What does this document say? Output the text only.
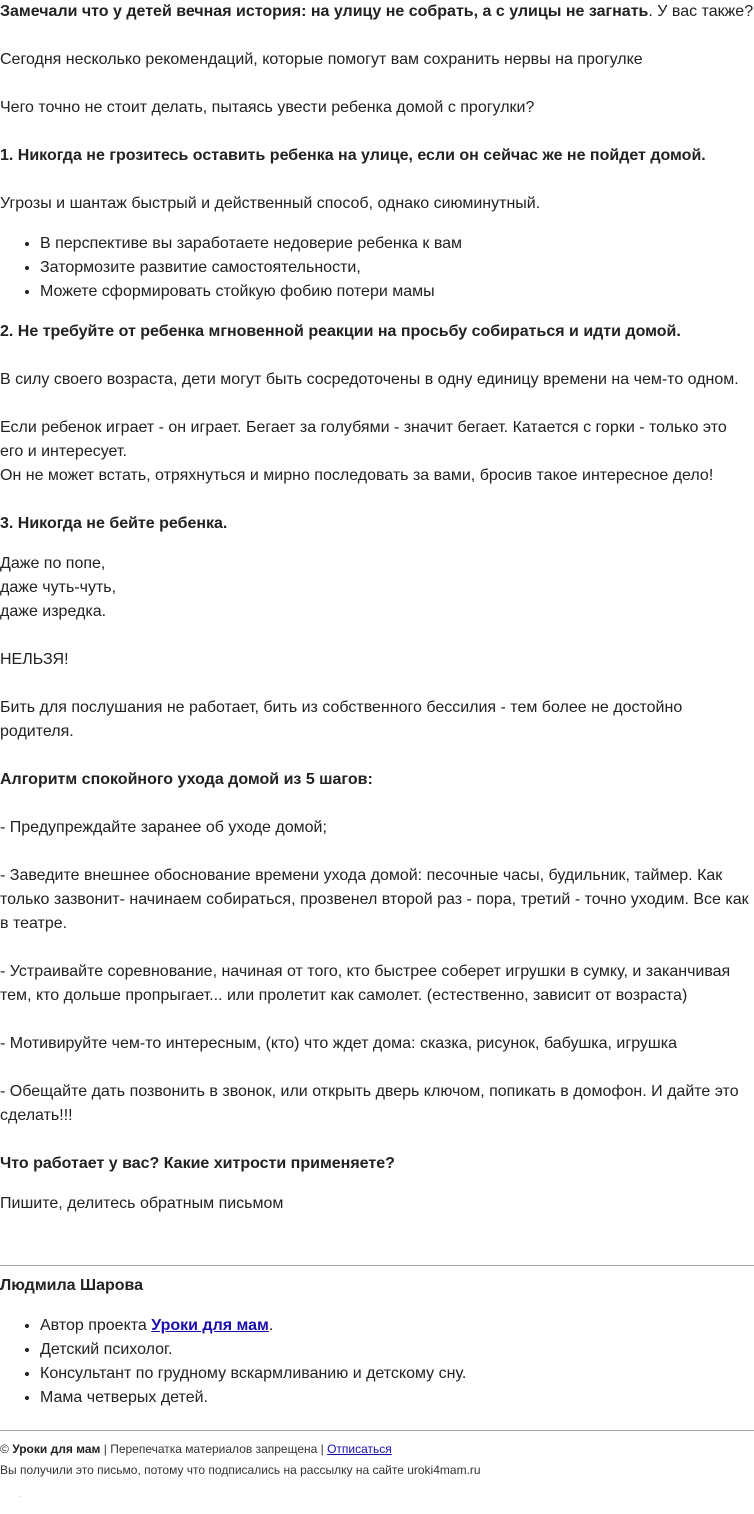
Замечали что у детей вечная история: на улицу не собрать, а с улицы не загнать. У вас также?

Сегодня несколько рекомендаций, которые помогут вам сохранить нервы на прогулке

Чего точно не стоит делать, пытаясь увести ребенка домой с прогулки?

1. Никогда не грозитесь оставить ребенка на улице, если он сейчас же не пойдет домой.

Угрозы и шантаж быстрый и действенный способ, однако сиюминутный.

• В перспективе вы заработаете недоверие ребенка к вам
• Затормозите развитие самостоятельности,
• Можете сформировать стойкую фобию потери мамы

2. Не требуйте от ребенка мгновенной реакции на просьбу собираться и идти домой.

В силу своего возраста, дети могут быть сосредоточены в одну единицу времени на чем-то одном.

Если ребенок играет - он играет. Бегает за голубями - значит бегает. Катается с горки - только это его и интересует.

Он не может встать, отряхнуться и мирно последовать за вами, бросив такое интересное дело!

3. Никогда не бейте ребенка.

Даже по попе,

даже чуть-чуть,

даже изредка.

НЕЛЬЗЯ!

Бить для послушания не работает, бить из собственного бессилия - тем более не достойно родителя.

Алгоритм спокойного ухода домой из 5 шагов:

- Предупреждайте заранее об уходе домой;

- Заведите внешнее обоснование времени ухода домой: песочные часы, будильник, таймер. Как только зазвонит- начинаем собираться, прозвенел второй раз - пора, третий - точно уходим. Все как в театре.

- Устраивайте соревнование, начиная от того, кто быстрее соберет игрушки в сумку, и заканчивая тем, кто дольше пропрыгает... или пролетит как самолет. (естественно, зависит от возраста)

- Мотивируйте чем-то интересным, (кто) что ждет дома: сказка, рисунок, бабушка, игрушка

- Обещайте дать позвонить в звонок, или открыть дверь ключом, попикать в домофон. И дайте это сделать!!!

Что работает у вас? Какие хитрости применяете?

Пишите, делитесь обратным письмом

Людмила Шарова

• Автор проекта Уроки для мам.
• Детский психолог.
• Консультант по грудному вскармливанию и детскому сну.
• Мама четверых детей.

© Уроки для мам | Перепечатка материалов запрещена | Отписаться

Вы получили это письмо, потому что подписались на рассылку на сайте uroki4mam.ru

·
